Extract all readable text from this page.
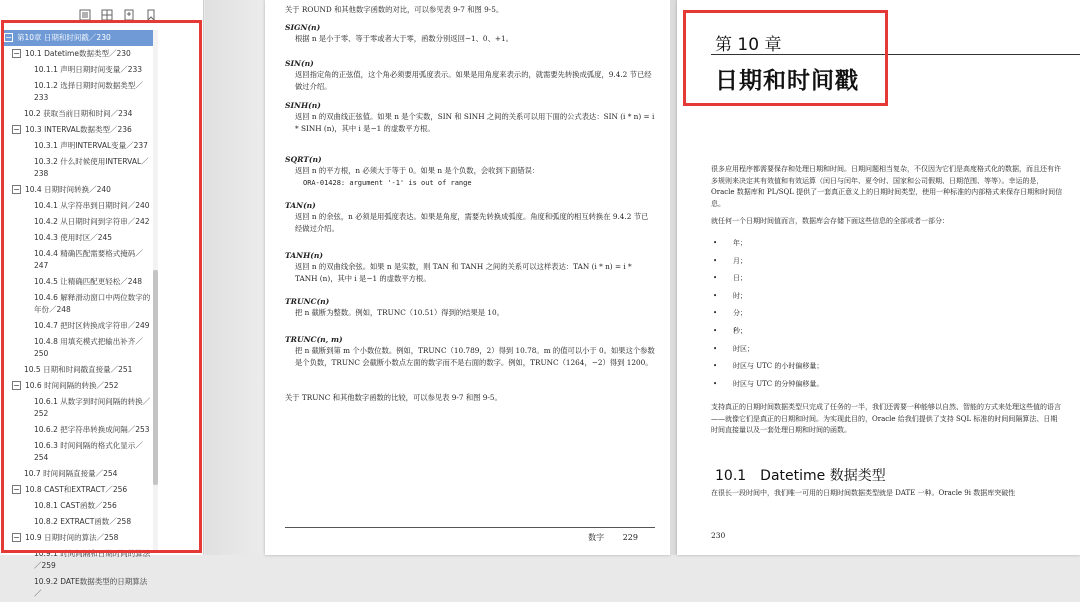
− 第10章 日期和时间戳／230
− 10.1 Datetime数据类型／230
10.1.1 声明日期时间变量／233
10.1.2 选择日期时间数据类型／233
10.2 获取当前日期和时间／234
− 10.3 INTERVAL数据类型／236
10.3.1 声明INTERVAL变量／237
10.3.2 什么时候使用INTERVAL／238
− 10.4 日期时间转换／240
10.4.1 从字符串到日期时间／240
10.4.2 从日期时间到字符串／242
10.4.3 使用时区／245
10.4.4 精确匹配需要格式掩码／247
10.4.5 让精确匹配更轻松／248
10.4.6 解释滑动窗口中两位数字的年份／248
10.4.7 把时区转换成字符串／249
10.4.8 用填充模式把输出补齐／250
10.5 日期和时间戳直接量／251
− 10.6 时间间隔的转换／252
10.6.1 从数字到时间间隔的转换／252
10.6.2 把字符串转换成间隔／253
10.6.3 时间间隔的格式化显示／254
10.7 时间间隔直接量／254
− 10.8 CAST和EXTRACT／256
10.8.1 CAST函数／256
10.8.2 EXTRACT函数／258
− 10.9 日期时间的算法／258
10.9.1 时间间隔和日期时间的算法／259
10.9.2 DATE数据类型的日期算法／

关于 ROUND 和其他数字函数的对比，可以参见表 9-7 和图 9-5。

SIGN(n)

根据 n 是小于零、等于零或者大于零，函数分别返回−1、0、+1。

SIN(n)

返回指定角的正弦值，这个角必须要用弧度表示。如果是用角度来表示的，就需要先转换成弧度，9.4.2 节已经做过介绍。

SINH(n)

返回 n 的双曲线正弦值。如果 n 是个实数，SIN 和 SINH 之间的关系可以用下面的公式表达：SIN (i * n) = i * SINH (n)，其中 i 是−1 的虚数平方根。

SQRT(n)

返回 n 的平方根，n 必须大于等于 0。如果 n 是个负数，会收到下面错误：

ORA-01428: argument '-1' is out of range

TAN(n)

返回 n 的余弦，n 必须是用弧度表达。如果是角度，需要先转换成弧度。角度和弧度的相互转换在 9.4.2 节已经做过介绍。

TANH(n)

返回 n 的双曲线余弦。如果 n 是实数，则 TAN 和 TANH 之间的关系可以这样表达：TAN (i * n) = i * TANH (n)，其中 i 是−1 的虚数平方根。

TRUNC(n)

把 n 截断为整数。例如，TRUNC（10.51）得到的结果是 10。

TRUNC(n, m)

把 n 截断到第 m 个小数位数。例如，TRUNC（10.789，2）得到 10.78。m 的值可以小于 0。如果这个参数是个负数，TRUNC 会截断小数点左面的数字而不是右面的数字。例如，TRUNC（1264，−2）得到 1200。

关于 TRUNC 和其他数字函数的比较，可以参见表 9-7 和图 9-5。

数字 229
第 10 章
日期和时间戳

很多应用程序都需要保存和处理日期和时间。日期问题相当复杂，不仅因为它们是高度格式化的数据，而且还有许多规则来决定其有效值和有效运算（闰日与闰年、夏令时、国家和公司假期、日期范围、等等）。幸运的是，Oracle 数据库和 PL/SQL 提供了一套真正意义上的日期时间类型，使用一种标准的内部格式来保存日期和时间信息。

就任何一个日期时间值而言，数据库会存储下面这些信息的全部或者一部分：

•	年；
•	月；
•	日；
•	时；
•	分；
•	秒；
•	时区；
•	时区与 UTC 的小时偏移量；
•	时区与 UTC 的分钟偏移量。

支持真正的日期时间数据类型只完成了任务的一半，我们还需要一种能够以自然、智能的方式来处理这些值的语言——就像它们是真正的日期和时间。为实现此目的，Oracle 给我们提供了支持 SQL 标准的时间间隔算法、日期时间直接量以及一套处理日期和时间的函数。

10.1　Datetime 数据类型

在很长一段时间中，我们唯一可用的日期时间数据类型就是 DATE 一种。Oracle 9i 数据库突破性

230
